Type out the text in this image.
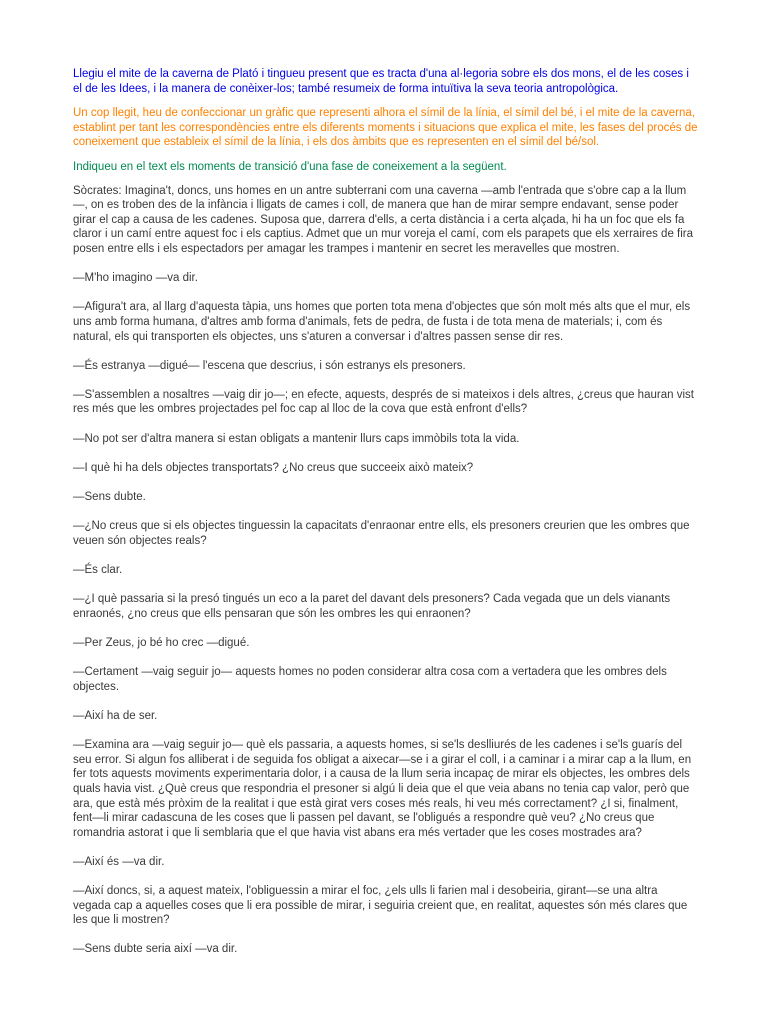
Llegiu el mite de la caverna de Plató i tingueu present que es tracta d'una al·legoria sobre els dos mons, el de les coses i el de les Idees, i la manera de conèixer-los; també resumeix de forma intuïtiva la seva teoria antropològica.

Un cop llegit, heu de confeccionar un gràfic que representi alhora el símil de la línia, el símil del bé, i el mite de la caverna, establint per tant les correspondències entre els diferents moments i situacions que explica el mite, les fases del procés de coneixement que estableix el símil de la línia, i els dos àmbits que es representen en el símil del bé/sol.

Indiqueu en el text els moments de transició d'una fase de coneixement a la següent.

Sòcrates: Imagina't, doncs, uns homes en un antre subterrani com una caverna —amb l'entrada que s'obre cap a la llum —, on es troben des de la infància i lligats de cames i coll, de manera que han de mirar sempre endavant, sense poder girar el cap a causa de les cadenes. Suposa que, darrera d'ells, a certa distància i a certa alçada, hi ha un foc que els fa claror i un camí entre aquest foc i els captius. Admet que un mur voreja el camí, com els parapets que els xerraires de fira posen entre ells i els espectadors per amagar les trampes i mantenir en secret les meravelles que mostren.

—M'ho imagino —va dir.

—Afigura't ara, al llarg d'aquesta tàpia, uns homes que porten tota mena d'objectes que són molt més alts que el mur, els uns amb forma humana, d'altres amb forma d'animals, fets de pedra, de fusta i de tota mena de materials; i, com és natural, els qui transporten els objectes, uns s'aturen a conversar i d'altres passen sense dir res.

—És estranya —digué— l'escena que descrius, i són estranys els presoners.

—S'assemblen a nosaltres —vaig dir jo—; en efecte, aquests, després de si mateixos i dels altres, ¿creus que hauran vist res més que les ombres projectades pel foc cap al lloc de la cova que està enfront d'ells?

—No pot ser d'altra manera si estan obligats a mantenir llurs caps immòbils tota la vida.

—I què hi ha dels objectes transportats? ¿No creus que succeeix això mateix?

—Sens dubte.

—¿No creus que si els objectes tinguessin la capacitats d'enraonar entre ells, els presoners creurien que les ombres que veuen són objectes reals?

—És clar.

—¿I què passaria si la presó tingués un eco a la paret del davant dels presoners? Cada vegada que un dels vianants enraonés, ¿no creus que ells pensaran que són les ombres les qui enraonen?

—Per Zeus, jo bé ho crec —digué.

—Certament —vaig seguir jo— aquests homes no poden considerar altra cosa com a vertadera que les ombres dels objectes.

—Així ha de ser.

—Examina ara —vaig seguir jo— què els passaria, a aquests homes, si se'ls deslliurés de les cadenes i se'ls guarís del seu error. Si algun fos alliberat i de seguida fos obligat a aixecar—se i a girar el coll, i a caminar i a mirar cap a la llum, en fer tots aquests moviments experimentaria dolor, i a causa de la llum seria incapaç de mirar els objectes, les ombres dels quals havia vist. ¿Què creus que respondria el presoner si algú li deia que el que veia abans no tenia cap valor, però que ara, que està més pròxim de la realitat i que està girat vers coses més reals, hi veu més correctament? ¿I si, finalment, fent—li mirar cadascuna de les coses que li passen pel davant, se l'obligués a respondre què veu? ¿No creus que romandria astorat i que li semblaria que el que havia vist abans era més vertader que les coses mostrades ara?

—Així és —va dir.

—Així doncs, si, a aquest mateix, l'obliguessin a mirar el foc, ¿els ulls li farien mal i desobeiria, girant—se una altra vegada cap a aquelles coses que li era possible de mirar, i seguiria creient que, en realitat, aquestes són més clares que les que li mostren?

—Sens dubte seria així —va dir.
